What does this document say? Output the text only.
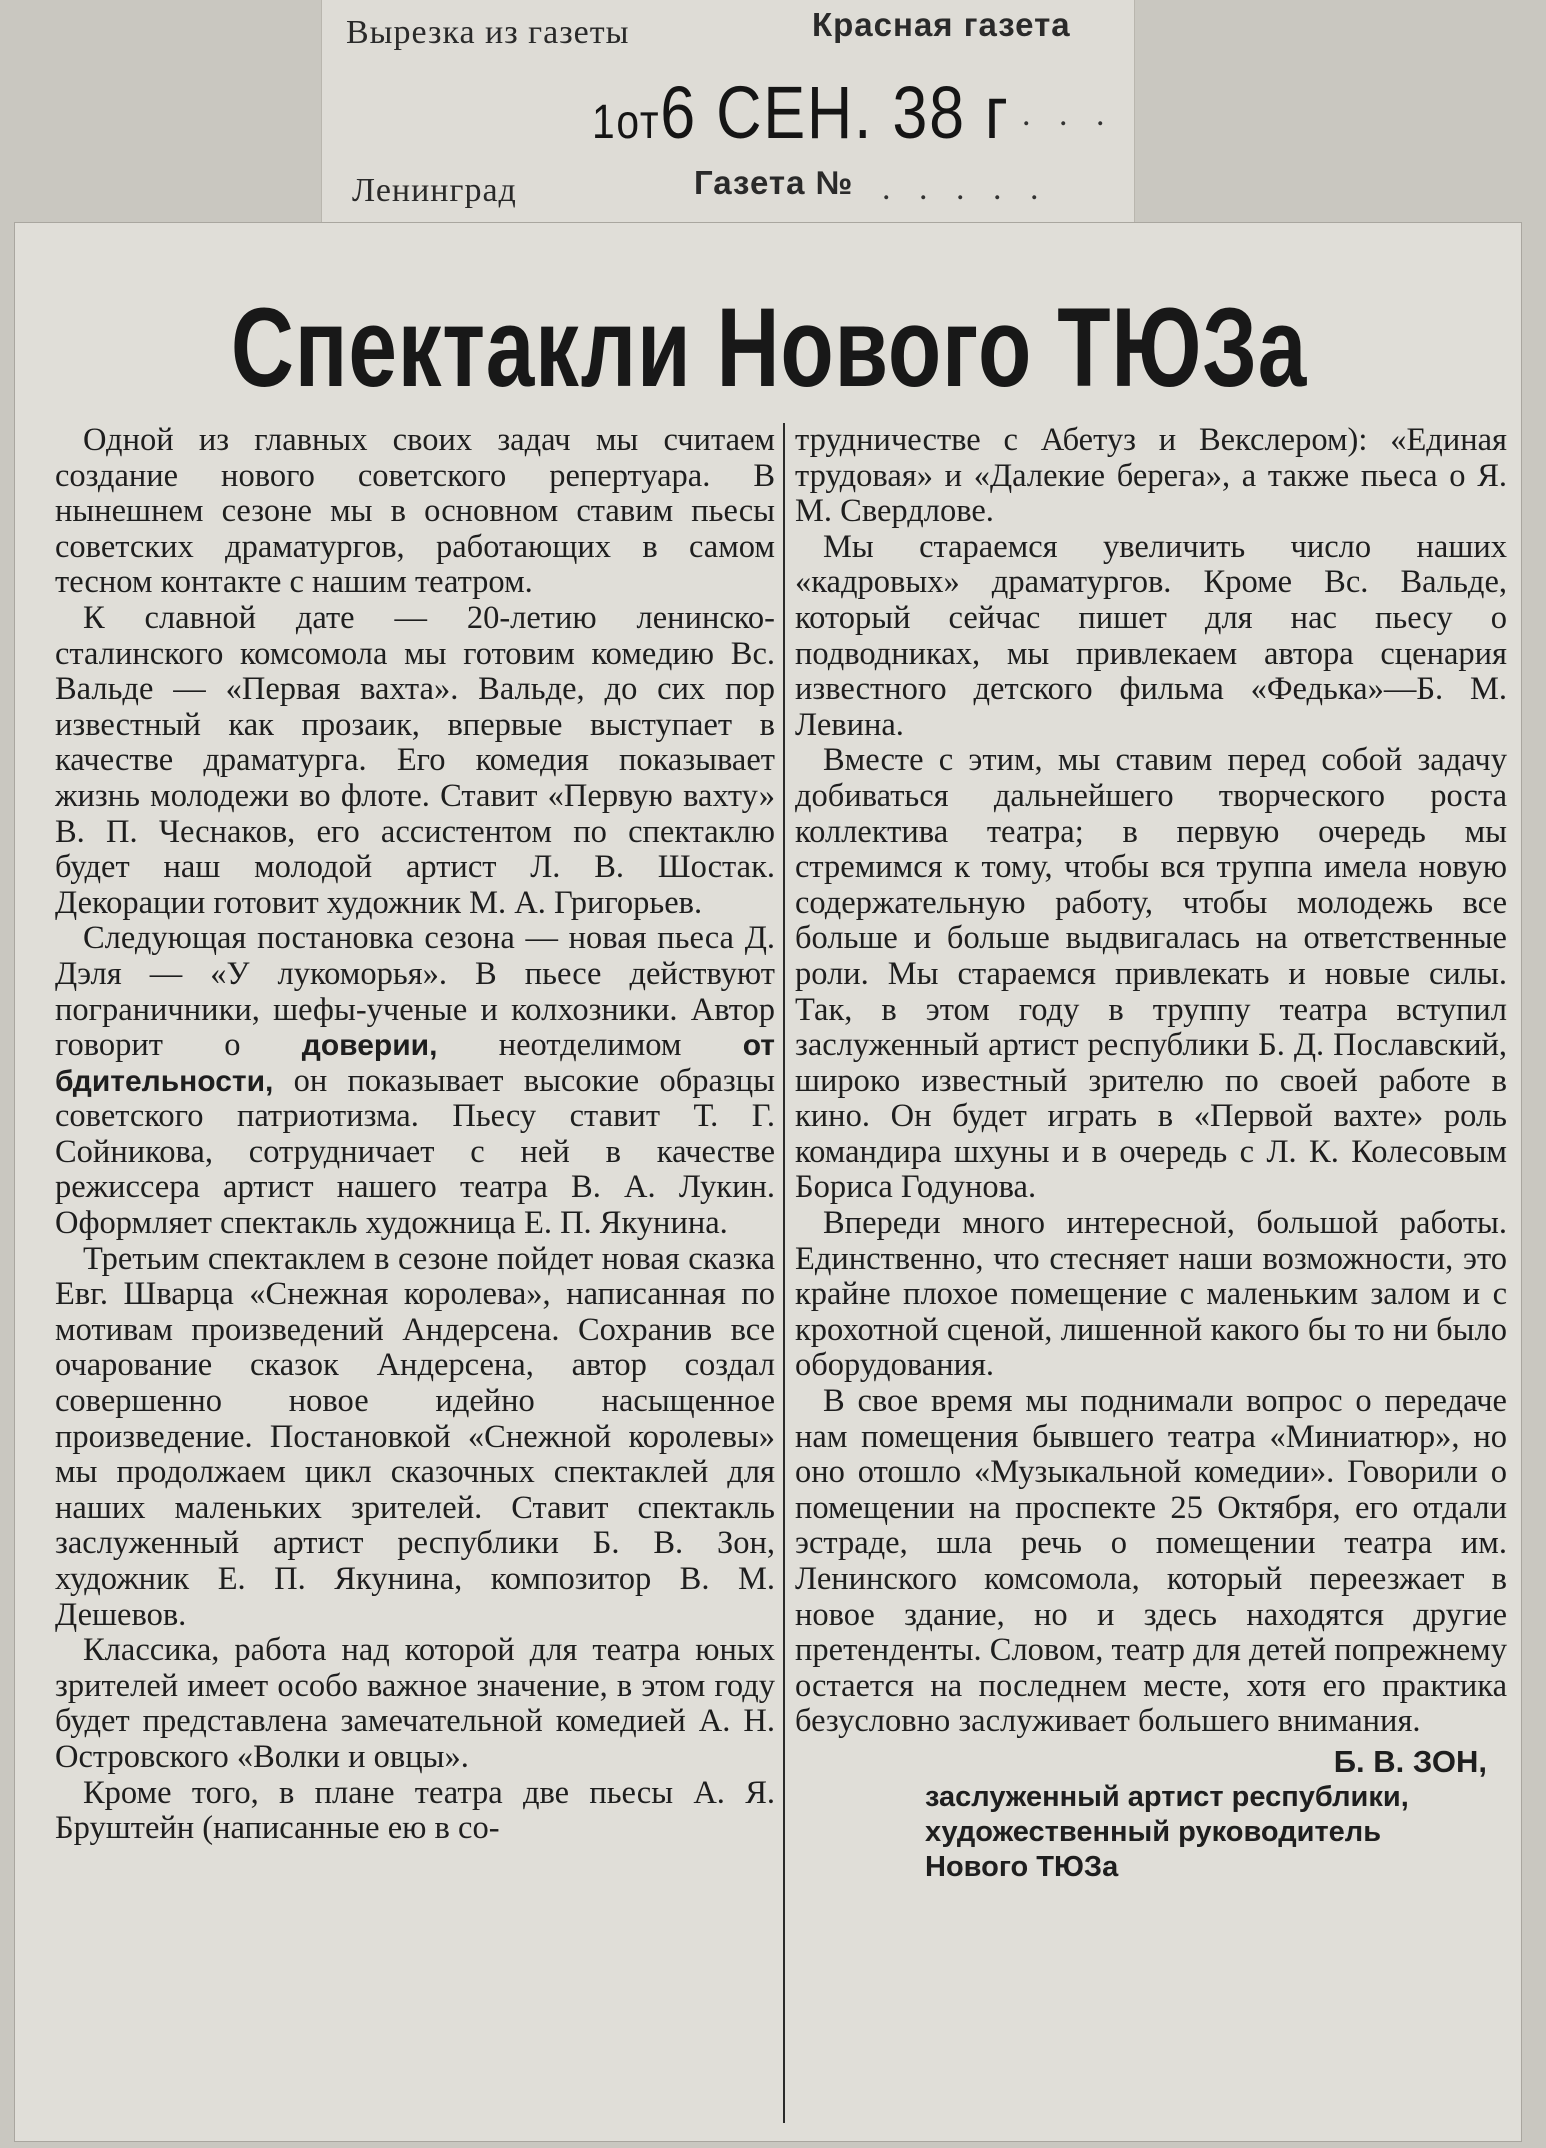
Вырезка из газеты	Красная газета
1от6 СЕН. 38 г . . .
Ленинград	Газета № . . . . .
Спектакли Нового ТЮЗа

Одной из главных своих задач мы считаем создание нового советского репертуара. В нынешнем сезоне мы в основном ставим пьесы советских драматургов, работающих в самом тесном контакте с нашим театром.

К славной дате — 20-летию ленинско-сталинского комсомола мы готовим комедию Вс. Вальде — «Первая вахта». Вальде, до сих пор известный как прозаик, впервые выступает в качестве драматурга. Его комедия показывает жизнь молодежи во флоте. Ставит «Первую вахту» В. П. Чеснаков, его ассистентом по спектаклю будет наш молодой артист Л. В. Шостак. Декорации готовит художник М. А. Григорьев.

Следующая постановка сезона — новая пьеса Д. Дэля — «У лукоморья». В пьесе действуют пограничники, шефы-ученые и колхозники. Автор говорит о доверии, неотделимом от бдительности, он показывает высокие образцы советского патриотизма. Пьесу ставит Т. Г. Сойникова, сотрудничает с ней в качестве режиссера артист нашего театра В. А. Лукин. Оформляет спектакль художница Е. П. Якунина.

Третьим спектаклем в сезоне пойдет новая сказка Евг. Шварца «Снежная королева», написанная по мотивам произведений Андерсена. Сохранив все очарование сказок Андерсена, автор создал совершенно новое идейно насыщенное произведение. Постановкой «Снежной королевы» мы продолжаем цикл сказочных спектаклей для наших маленьких зрителей. Ставит спектакль заслуженный артист республики Б. В. Зон, художник Е. П. Якунина, композитор В. М. Дешевов.

Классика, работа над которой для театра юных зрителей имеет особо важное значение, в этом году будет представлена замечательной комедией А. Н. Островского «Волки и овцы».

Кроме того, в плане театра две пьесы А. Я. Бруштейн (написанные ею в со-

трудничестве с Абетуз и Векслером): «Единая трудовая» и «Далекие берега», а также пьеса о Я. М. Свердлове.

Мы стараемся увеличить число наших «кадровых» драматургов. Кроме Вс. Вальде, который сейчас пишет для нас пьесу о подводниках, мы привлекаем автора сценария известного детского фильма «Федька»—Б. М. Левина.

Вместе с этим, мы ставим перед собой задачу добиваться дальнейшего творческого роста коллектива театра; в первую очередь мы стремимся к тому, чтобы вся труппа имела новую содержательную работу, чтобы молодежь все больше и больше выдвигалась на ответственные роли. Мы стараемся привлекать и новые силы. Так, в этом году в труппу театра вступил заслуженный артист республики Б. Д. Пославский, широко известный зрителю по своей работе в кино. Он будет играть в «Первой вахте» роль командира шхуны и в очередь с Л. К. Колесовым Бориса Годунова.

Впереди много интересной, большой работы. Единственно, что стесняет наши возможности, это крайне плохое помещение с маленьким залом и с крохотной сценой, лишенной какого бы то ни было оборудования.

В свое время мы поднимали вопрос о передаче нам помещения бывшего театра «Миниатюр», но оно отошло «Музыкальной комедии». Говорили о помещении на проспекте 25 Октября, его отдали эстраде, шла речь о помещении театра им. Ленинского комсомола, который переезжает в новое здание, но и здесь находятся другие претенденты. Словом, театр для детей попрежнему остается на последнем месте, хотя его практика безусловно заслуживает большего внимания.

Б. В. ЗОН,
заслуженный артист республики,
художественный руководитель
Нового ТЮЗа
